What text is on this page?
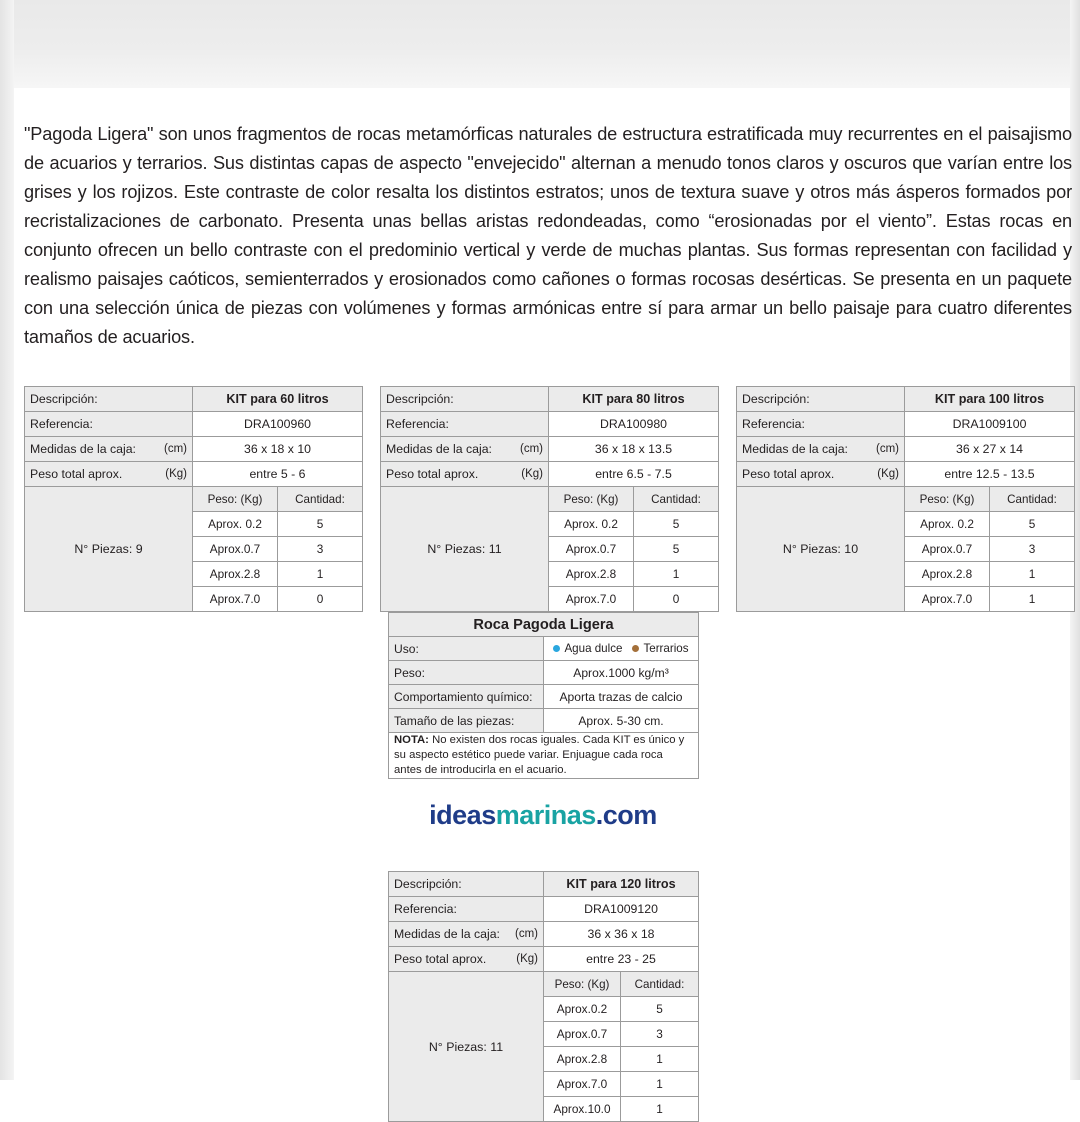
"Pagoda Ligera" son unos fragmentos de rocas metamórficas naturales de estructura estratificada muy recurrentes en el paisajismo de acuarios y terrarios. Sus distintas capas de aspecto "envejecido" alternan a menudo tonos claros y oscuros que varían entre los grises y los rojizos. Este contraste de color resalta los distintos estratos; unos de textura suave y otros más ásperos formados por recristalizaciones de carbonato. Presenta unas bellas aristas redondeadas, como “erosionadas por el viento”. Estas rocas en conjunto ofrecen un bello contraste con el predominio vertical y verde de muchas plantas. Sus formas representan con facilidad y realismo paisajes caóticos, semienterrados y erosionados como cañones o formas rocosas desérticas. Se presenta en un paquete con una selección única de piezas con volúmenes y formas armónicas entre sí para armar un bello paisaje para cuatro diferentes tamaños de acuarios.
Descripción:	KIT para 60 litros	
Referencia:	DRA100960	

Medidas de la caja: (cm)	36 x 18 x 10	

Peso total aprox. (Kg)	entre 5 - 6	
N° Piezas: 9	Peso: (Kg)	Cantidad:
	Aprox. 0.2	5
	Aprox.0.7	3
	Aprox.2.8	1
	Aprox.7.0	0
Descripción:	KIT para 80 litros	
Referencia:	DRA100980	

Medidas de la caja: (cm)	36 x 18 x 13.5	

Peso total aprox. (Kg)	entre 6.5 - 7.5	
N° Piezas: 11	Peso: (Kg)	Cantidad:
	Aprox. 0.2	5
	Aprox.0.7	5
	Aprox.2.8	1
	Aprox.7.0	0
Descripción:	KIT para 100 litros	
Referencia:	DRA1009100	

Medidas de la caja: (cm)	36 x 27 x 14	

Peso total aprox. (Kg)	entre 12.5 - 13.5	
N° Piezas: 10	Peso: (Kg)	Cantidad:
	Aprox. 0.2	5
	Aprox.0.7	3
	Aprox.2.8	1
	Aprox.7.0	1
Roca Pagoda Ligera	
Uso:	Agua dulce Terrarios

Peso:	Aprox.1000 kg/m³
Comportamiento químico:	Aporta trazas de calcio
Tamaño de las piezas:	Aprox. 5-30 cm.
NOTA: No existen dos rocas iguales. Cada KIT es único y su aspecto estético puede variar. Enjuague cada roca antes de introducirla en el acuario.	
ideasmarinas.com
Descripción:	KIT para 120 litros	
Referencia:	DRA1009120	

Medidas de la caja: (cm)	36 x 36 x 18	

Peso total aprox. (Kg)	entre 23 - 25	
N° Piezas: 11	Peso: (Kg)	Cantidad:
	Aprox.0.2	5
	Aprox.0.7	3
	Aprox.2.8	1
	Aprox.7.0	1
	Aprox.10.0	1
